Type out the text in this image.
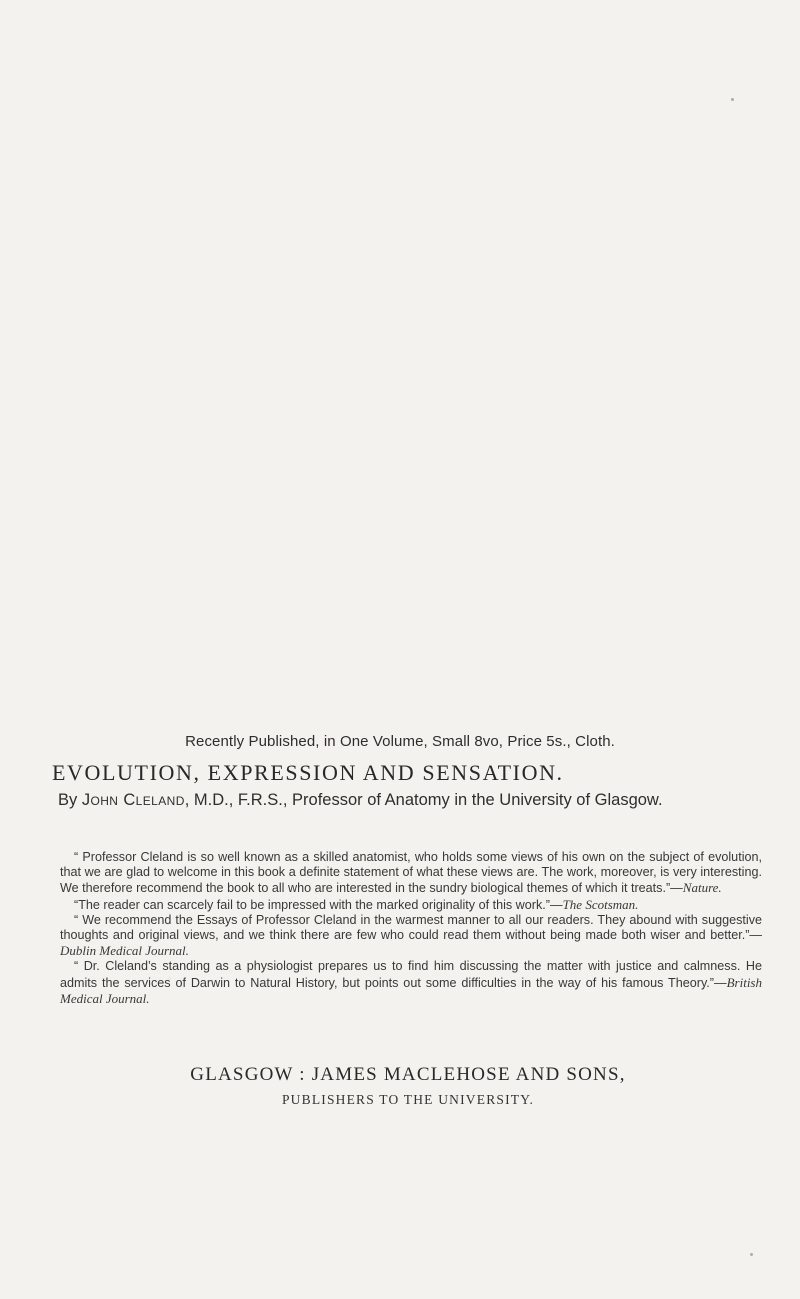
Recently Published, in One Volume, Small 8vo, Price 5s., Cloth.
EVOLUTION, EXPRESSION AND SENSATION.
By John Cleland, M.D., F.R.S., Professor of Anatomy in the University of Glasgow.

“ Professor Cleland is so well known as a skilled anatomist, who holds some views of his own on the subject of evolution, that we are glad to welcome in this book a definite statement of what these views are. The work, moreover, is very interesting. We therefore recommend the book to all who are interested in the sundry biological themes of which it treats.”—Nature.

“The reader can scarcely fail to be impressed with the marked originality of this work.”—The Scotsman.

“ We recommend the Essays of Professor Cleland in the warmest manner to all our readers. They abound with suggestive thoughts and original views, and we think there are few who could read them without being made both wiser and better.”—Dublin Medical Journal.

“ Dr. Cleland’s standing as a physiologist prepares us to find him discussing the matter with justice and calmness. He admits the services of Darwin to Natural History, but points out some difficulties in the way of his famous Theory.”—British Medical Journal.

GLASGOW : JAMES MACLEHOSE AND SONS,
PUBLISHERS TO THE UNIVERSITY.
